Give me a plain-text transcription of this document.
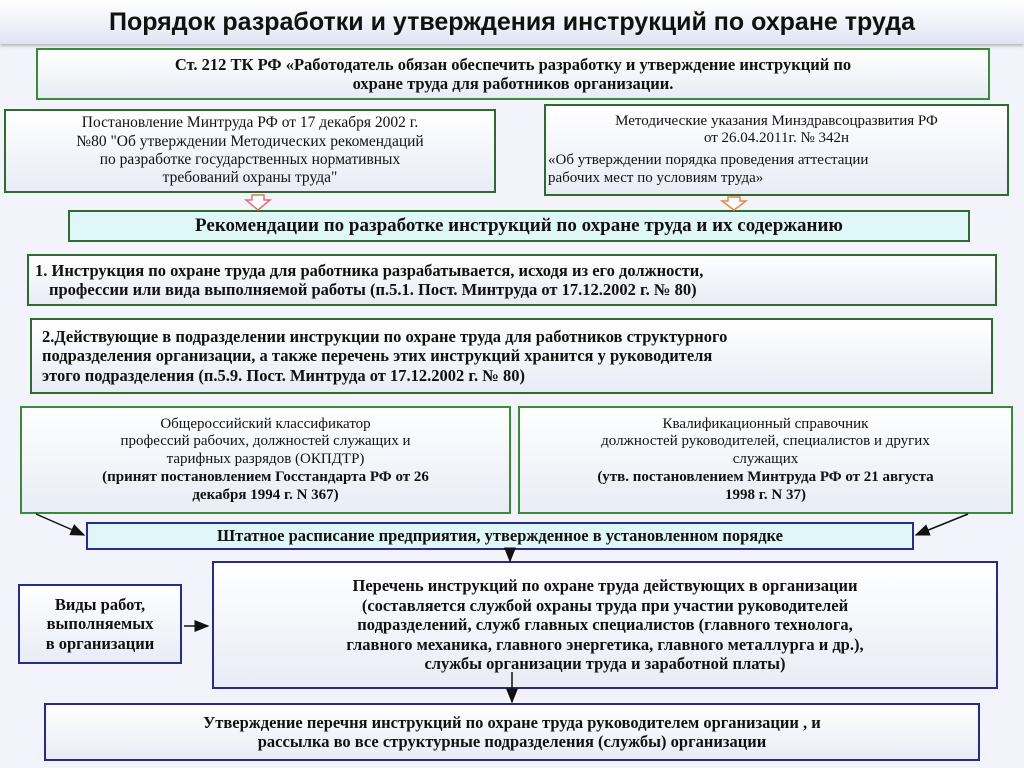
Порядок разработки и утверждения инструкций по охране труда
Ст. 212 ТК РФ «Работодатель обязан обеспечить разработку и утверждение инструкций по
охране труда для работников организации.
Постановление Минтруда РФ от 17 декабря 2002 г.
№80 "Об утверждении Методических рекомендаций
по разработке государственных нормативных
требований охраны труда"
Методические указания Минздравсоцразвития РФ
от 26.04.2011г. № 342н
«Об утверждении порядка проведения аттестации
рабочих мест по условиям труда»
Рекомендации по разработке инструкций по охране труда и их содержанию
1. Инструкция по охране труда для работника разрабатывается, исходя из его должности,
профессии или вида выполняемой работы (п.5.1. Пост. Минтруда от 17.12.2002 г. № 80)
2.Действующие в подразделении инструкции по охране труда для работников структурного
подразделения организации, а также перечень этих инструкций хранится у руководителя
этого подразделения (п.5.9. Пост. Минтруда от 17.12.2002 г. № 80)
Общероссийский классификатор
профессий рабочих, должностей служащих и
тарифных разрядов (ОКПДТР)
(принят постановлением Госстандарта РФ от 26
декабря 1994 г. N 367)
Квалификационный справочник
должностей руководителей, специалистов и других
служащих
(утв. постановлением Минтруда РФ от 21 августа
1998 г. N 37)
Штатное расписание предприятия, утвержденное в установленном порядке
Виды работ,
выполняемых
в организации
Перечень инструкций по охране труда действующих в организации
(составляется службой охраны труда при участии руководителей
подразделений, служб главных специалистов (главного технолога,
главного механика, главного энергетика, главного металлурга и др.),
службы организации труда и заработной платы)
Утверждение перечня инструкций по охране труда руководителем организации , и
рассылка во все структурные подразделения (службы) организации
